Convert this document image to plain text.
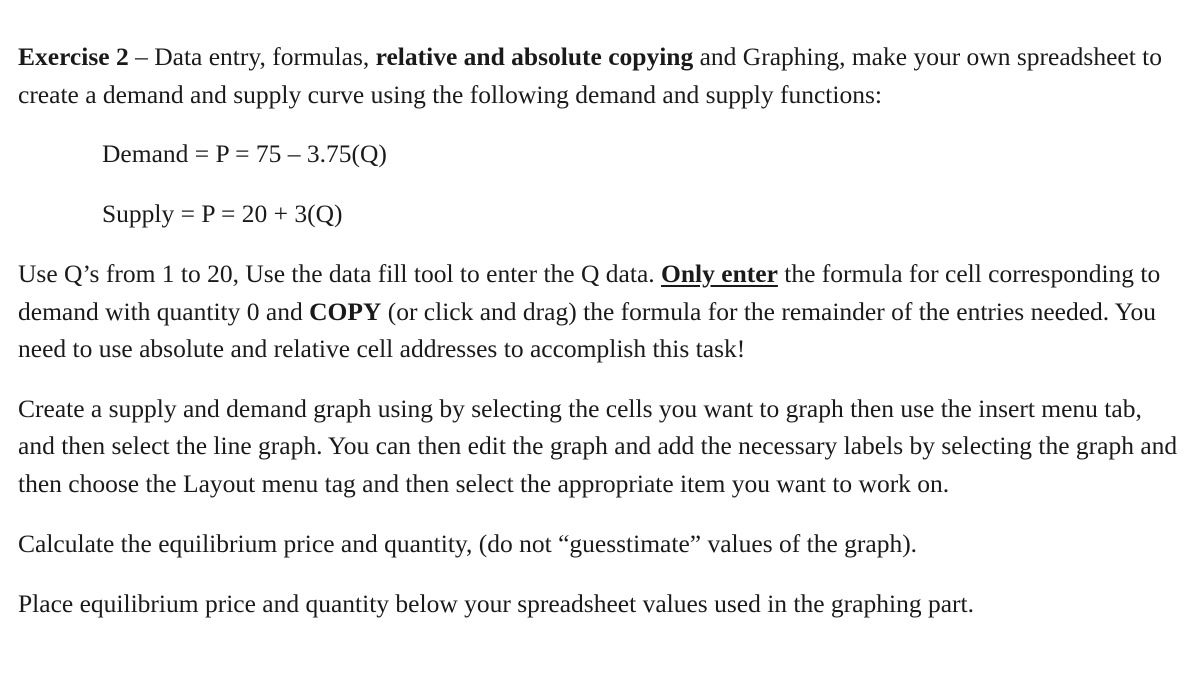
Exercise 2 – Data entry, formulas, relative and absolute copying and Graphing, make your own spreadsheet to create a demand and supply curve using the following demand and supply functions:

Demand = P = 75 – 3.75(Q)

Supply = P = 20 + 3(Q)

Use Q’s from 1 to 20, Use the data fill tool to enter the Q data. Only enter the formula for cell corresponding to demand with quantity 0 and COPY (or click and drag) the formula for the remainder of the entries needed. You need to use absolute and relative cell addresses to accomplish this task!

Create a supply and demand graph using by selecting the cells you want to graph then use the insert menu tab, and then select the line graph. You can then edit the graph and add the necessary labels by selecting the graph and then choose the Layout menu tag and then select the appropriate item you want to work on.

Calculate the equilibrium price and quantity, (do not “guesstimate” values of the graph).

Place equilibrium price and quantity below your spreadsheet values used in the graphing part.
